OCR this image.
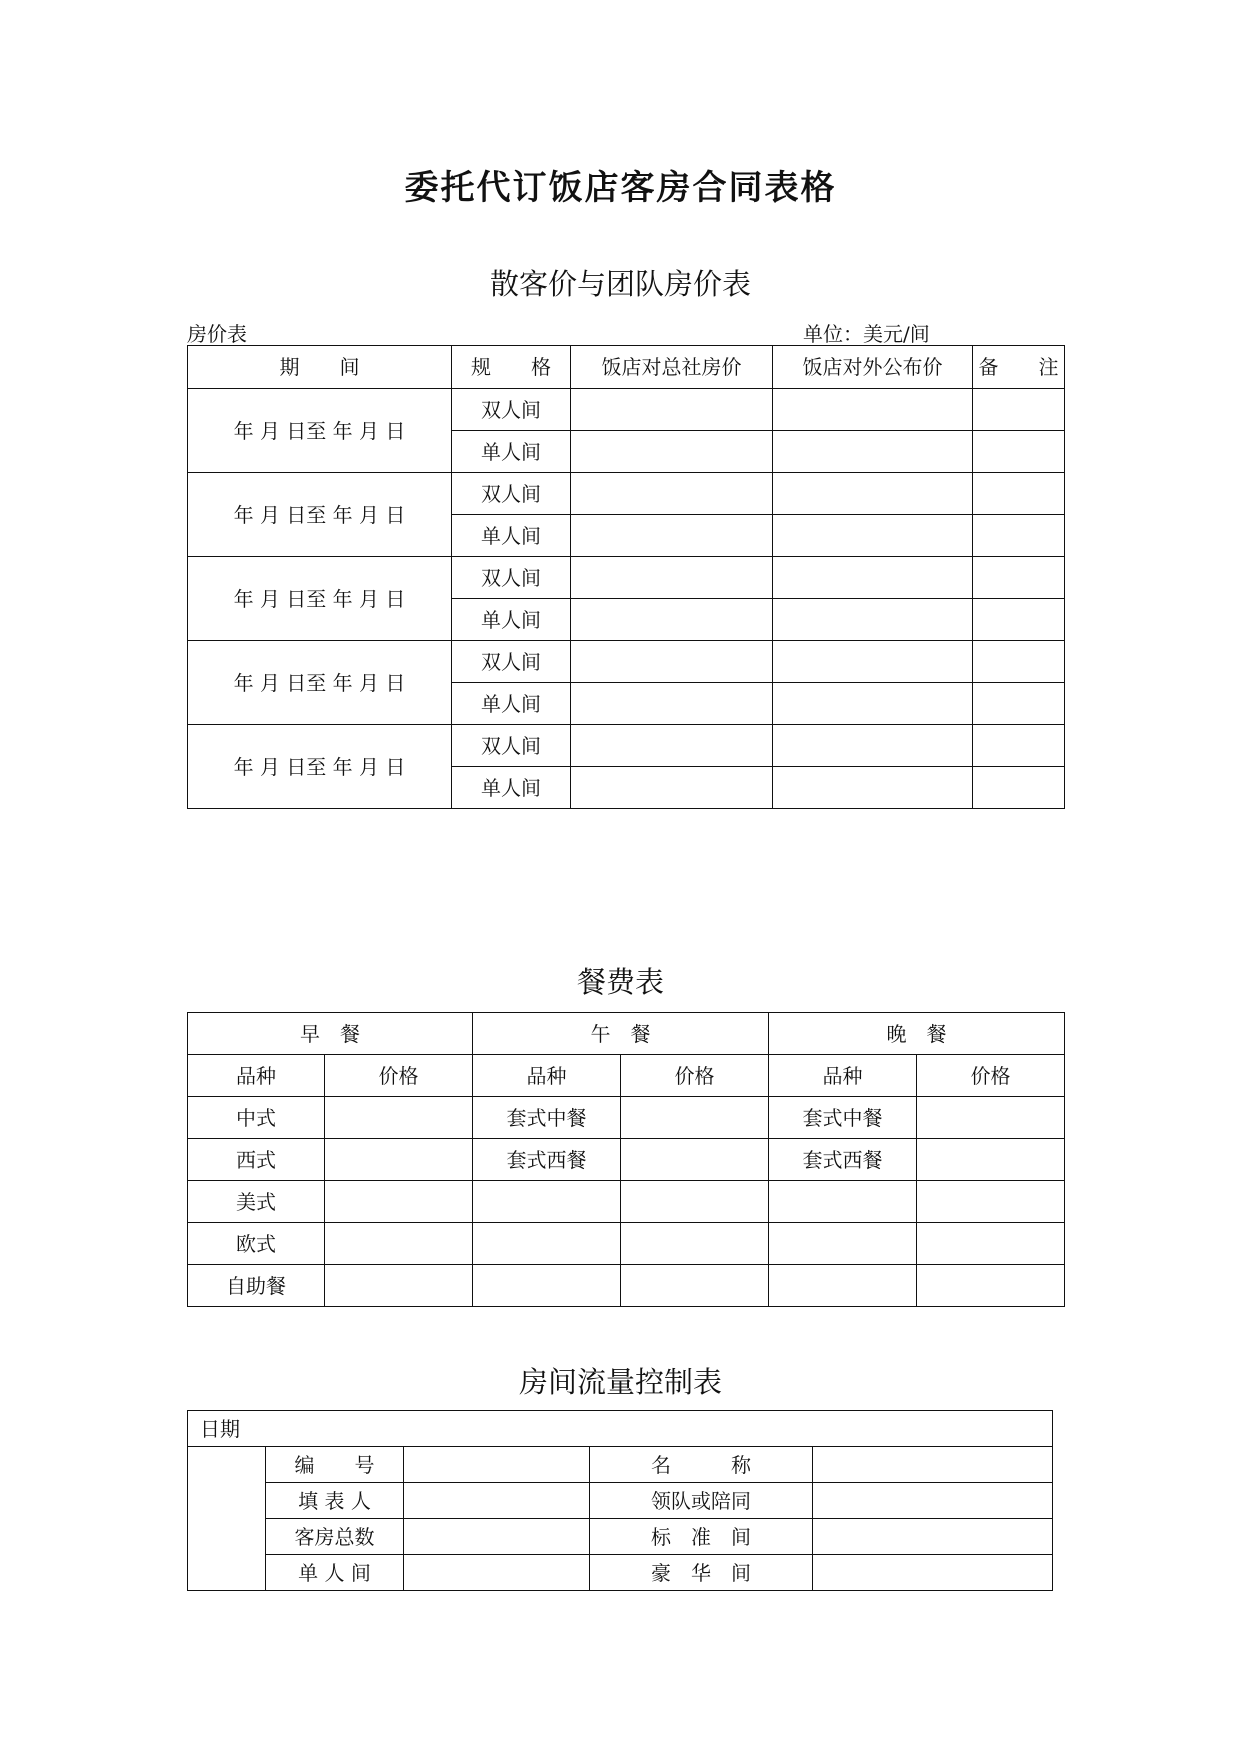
委托代订饭店客房合同表格
散客价与团队房价表
房价表	单位：美元/间
期　　间	规　　格	饭店对总社房价	饭店对外公布价	备　　注
年 月 日至 年 月 日	双人间			
	单人间			
年 月 日至 年 月 日	双人间			
	单人间			
年 月 日至 年 月 日	双人间			
	单人间			
年 月 日至 年 月 日	双人间			
	单人间			
年 月 日至 年 月 日	双人间			
	单人间			
餐费表
早　餐		午　餐		晚　餐	
品种	价格	品种	价格	品种	价格
中式		套式中餐		套式中餐	
西式		套式西餐		套式西餐	
美式					
欧式					
自助餐					
房间流量控制表
日期				
	编　　号		名　　　称	
	填 表 人		领队或陪同	
	客房总数		标　准　间	
	单 人 间		豪　华　间	
